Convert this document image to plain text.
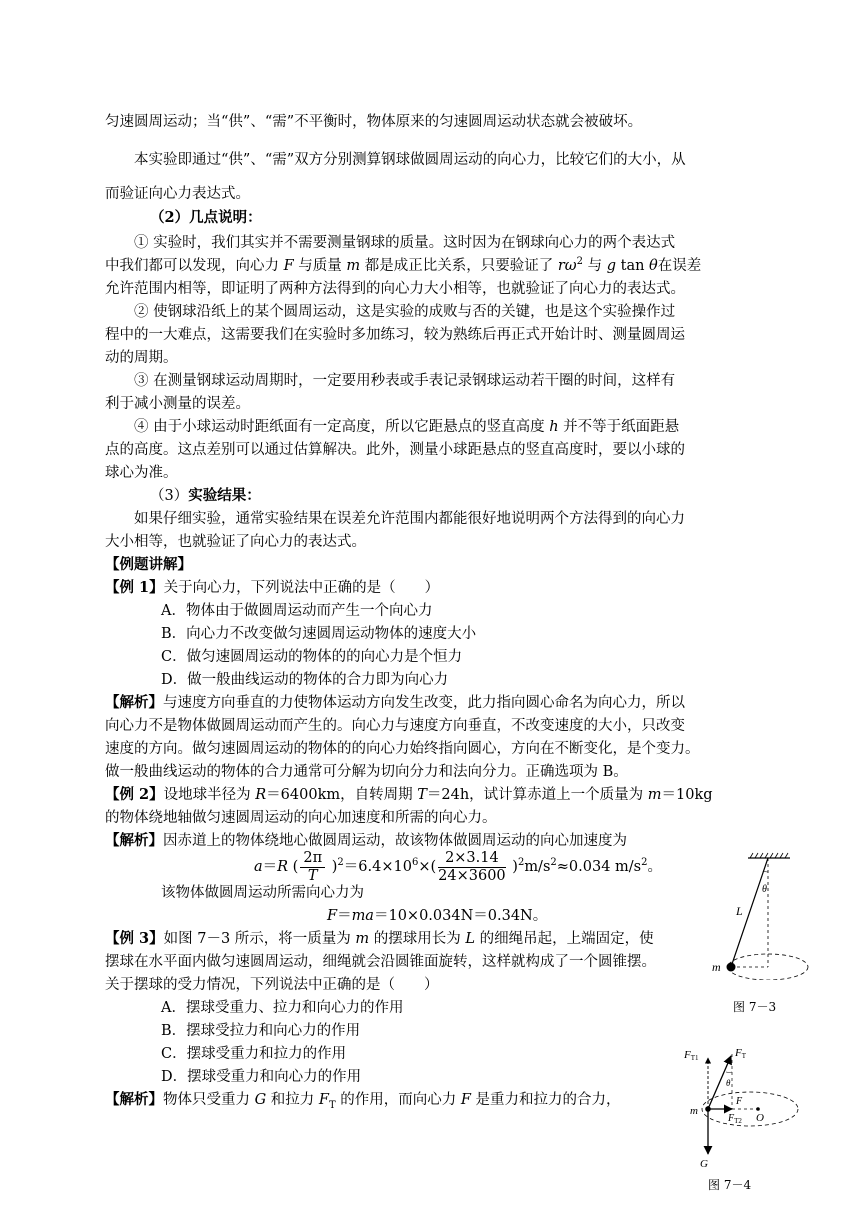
匀速圆周运动；当“供”、“需”不平衡时，物体原来的匀速圆周运动状态就会被破坏。
本实验即通过“供”、“需”双方分别测算钢球做圆周运动的向心力，比较它们的大小，从
而验证向心力表达式。
（2）几点说明：
① 实验时，我们其实并不需要测量钢球的质量。这时因为在钢球向心力的两个表达式
中我们都可以发现，向心力 F 与质量 m 都是成正比关系，只要验证了 $r\omega^2$ 与 g tan θ在误差
允许范围内相等，即证明了两种方法得到的向心力大小相等，也就验证了向心力的表达式。
② 使钢球沿纸上的某个圆周运动，这是实验的成败与否的关键，也是这个实验操作过
程中的一大难点，这需要我们在实验时多加练习，较为熟练后再正式开始计时、测量圆周运
动的周期。
③ 在测量钢球运动周期时，一定要用秒表或手表记录钢球运动若干圈的时间，这样有
利于减小测量的误差。
④ 由于小球运动时距纸面有一定高度，所以它距悬点的竖直高度 h 并不等于纸面距悬
点的高度。这点差别可以通过估算解决。此外，测量小球距悬点的竖直高度时，要以小球的
球心为准。
（3）实验结果：
如果仔细实验，通常实验结果在误差允许范围内都能很好地说明两个方法得到的向心力
大小相等，也就验证了向心力的表达式。
【例题讲解】
【例 1】关于向心力，下列说法中正确的是（　　）
A．物体由于做圆周运动而产生一个向心力
B．向心力不改变做匀速圆周运动物体的速度大小
C．做匀速圆周运动的物体的的向心力是个恒力
D．做一般曲线运动的物体的合力即为向心力
【解析】与速度方向垂直的力使物体运动方向发生改变，此力指向圆心命名为向心力，所以
向心力不是物体做圆周运动而产生的。向心力与速度方向垂直，不改变速度的大小，只改变
速度的方向。做匀速圆周运动的物体的的向心力始终指向圆心，方向在不断变化，是个变力。
做一般曲线运动的物体的合力通常可分解为切向分力和法向分力。正确选项为 B。
【例 2】设地球半径为 R＝6400km，自转周期 T＝24h，试计算赤道上一个质量为 m＝10kg
的物体绕地轴做匀速圆周运动的向心加速度和所需的向心力。
【解析】因赤道上的物体绕地心做圆周运动，故该物体做圆周运动的向心加速度为
a＝R ( $\frac{2\pi}{T} )^2=6.4\times 10^6\times( \frac{2\times 3.14}{24\times 3600} )^2m/s^2\approx 0.034$ $m/s^2$。
该物体做圆周运动所需向心力为
F＝ma＝10×0.034N＝0.34N。
【例 3】如图 7－3 所示，将一质量为 m 的摆球用长为 L 的细绳吊起，上端固定，使
摆球在水平面内做匀速圆周运动，细绳就会沿圆锥面旋转，这样就构成了一个圆锥摆。
关于摆球的受力情况，下列说法中正确的是（　　）
A．摆球受重力、拉力和向心力的作用
B．摆球受拉力和向心力的作用
C．摆球受重力和拉力的作用
D．摆球受重力和向心力的作用
【解析】物体只受重力 G 和拉力 $F_T$ 的作用，而向心力 F 是重力和拉力的合力，
θ
L
m
图 7－3
FT1	FT
θ
F
$F_{T2}$ O
m
G
图 7－4
